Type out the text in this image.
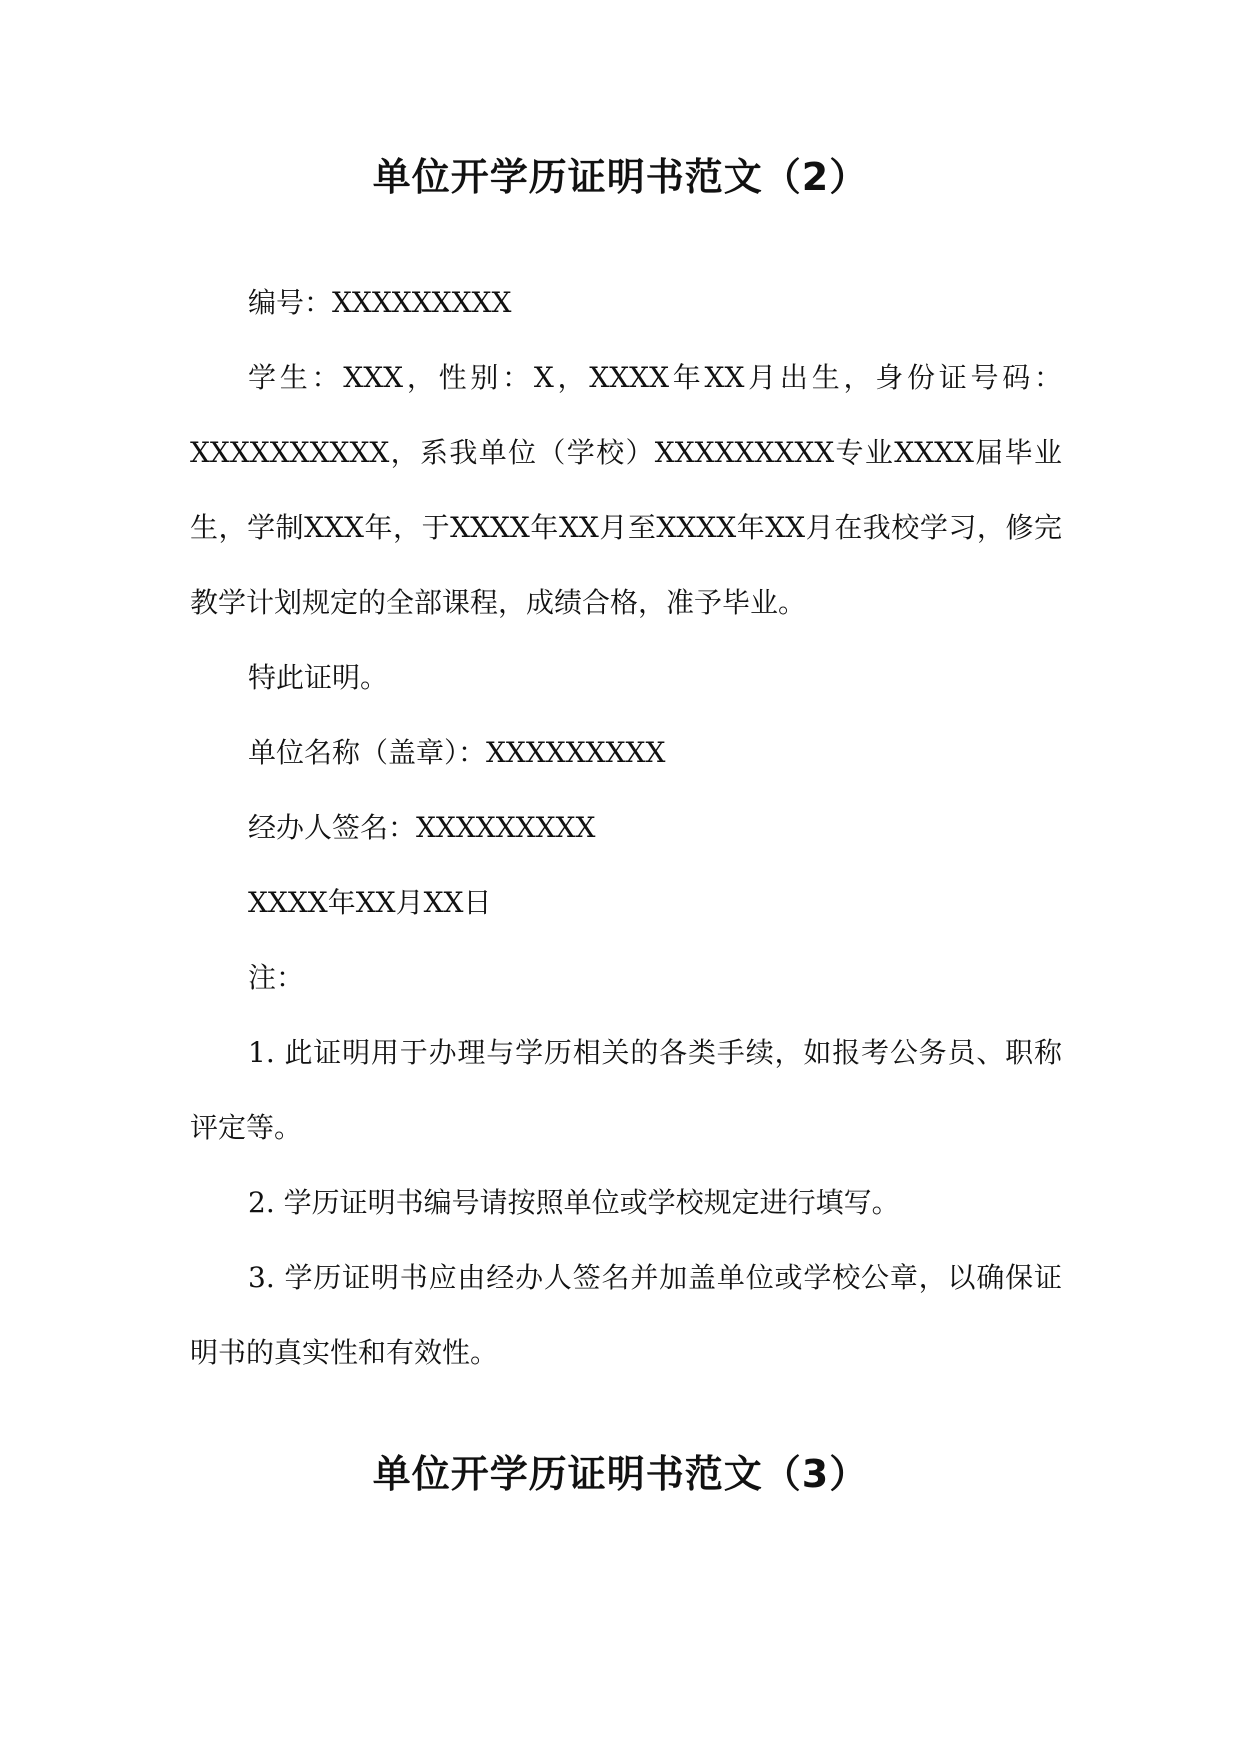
单位开学历证明书范文（2）

编号：XXXXXXXXX

学生：XXX，性别：X，XXXX年XX月出生，身份证号码：XXXXXXXXXX，系我单位（学校）XXXXXXXXX专业XXXX届毕业生，学制XXX年，于XXXX年XX月至XXXX年XX月在我校学习，修完教学计划规定的全部课程，成绩合格，准予毕业。

特此证明。

单位名称（盖章）：XXXXXXXXX

经办人签名：XXXXXXXXX

XXXX年XX月XX日

注：

1. 此证明用于办理与学历相关的各类手续，如报考公务员、职称评定等。

2. 学历证明书编号请按照单位或学校规定进行填写。

3. 学历证明书应由经办人签名并加盖单位或学校公章，以确保证明书的真实性和有效性。

单位开学历证明书范文（3）
